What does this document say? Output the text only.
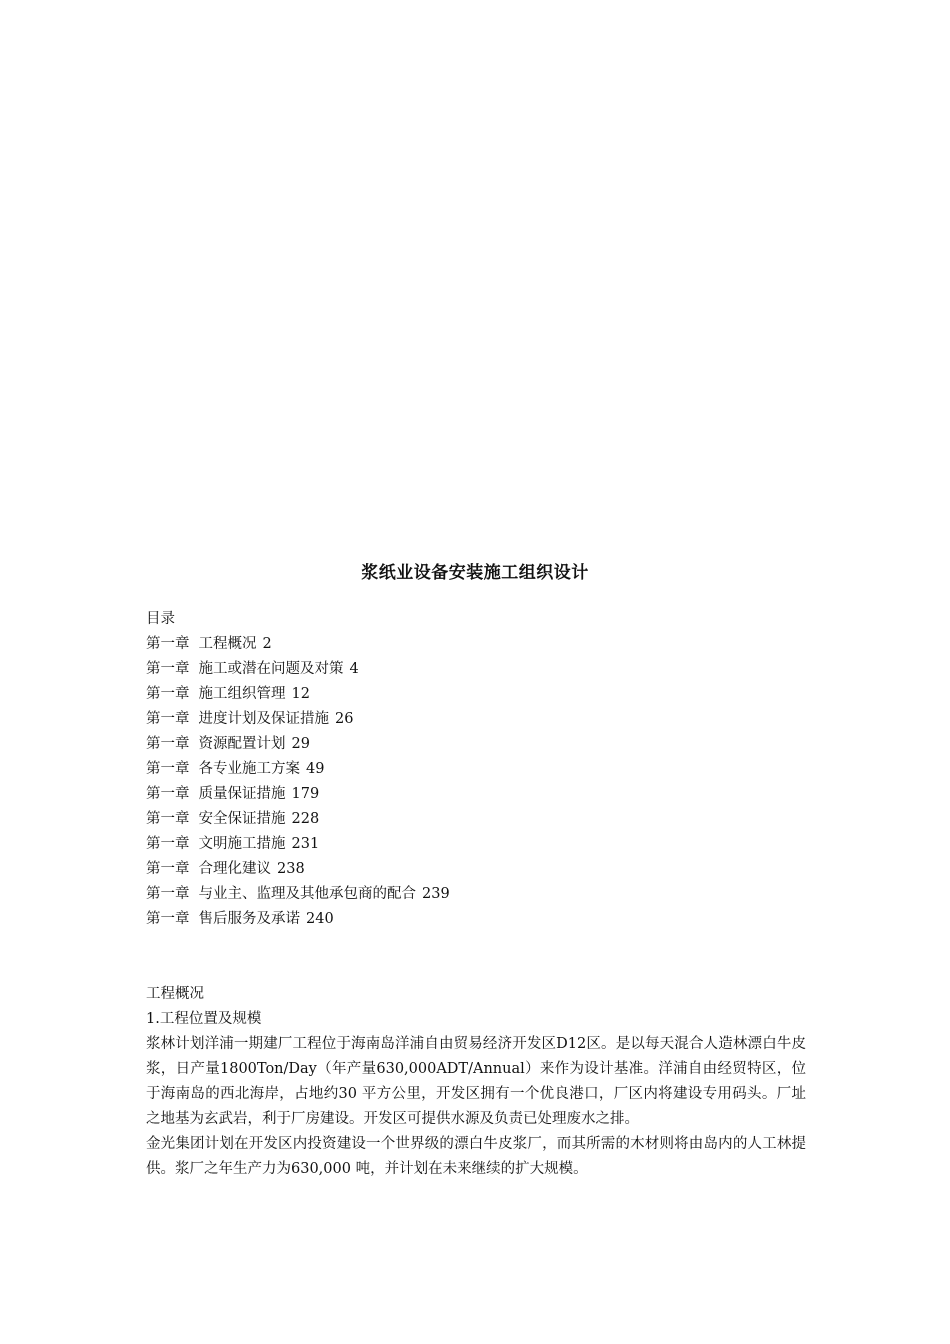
浆纸业设备安装施工组织设计
目录
第一章 工程概况 2
第一章 施工或潜在问题及对策 4
第一章 施工组织管理 12
第一章 进度计划及保证措施 26
第一章 资源配置计划 29
第一章 各专业施工方案 49
第一章 质量保证措施 179
第一章 安全保证措施 228
第一章 文明施工措施 231
第一章 合理化建议 238
第一章 与业主、监理及其他承包商的配合 239
第一章 售后服务及承诺 240

工程概况

1.工程位置及规模

浆林计划洋浦一期建厂工程位于海南岛洋浦自由贸易经济开发区D12区。是以每天混合人造林漂白牛皮浆，日产量1800Ton/Day（年产量630,000ADT/Annual）来作为设计基准。洋浦自由经贸特区，位于海南岛的西北海岸，占地约30 平方公里，开发区拥有一个优良港口，厂区内将建设专用码头。厂址之地基为玄武岩，利于厂房建设。开发区可提供水源及负责已处理废水之排。

金光集团计划在开发区内投资建设一个世界级的漂白牛皮浆厂，而其所需的木材则将由岛内的人工林提供。浆厂之年生产力为630,000 吨，并计划在未来继续的扩大规模。
